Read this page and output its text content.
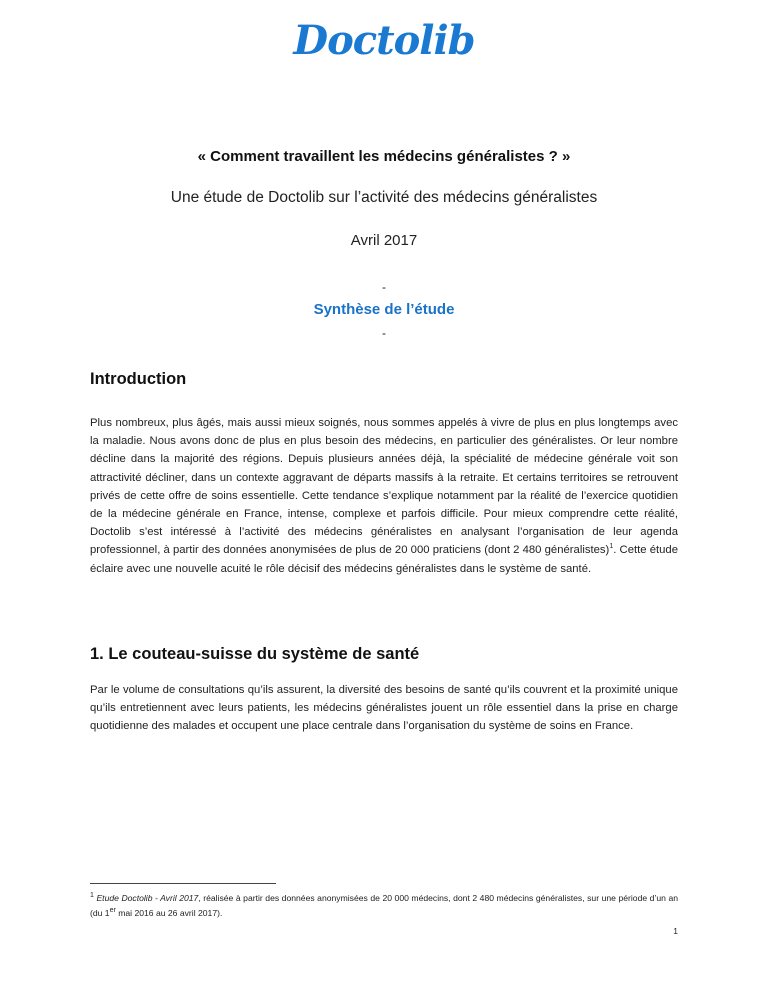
Doctolib
« Comment travaillent les médecins généralistes ? »
Une étude de Doctolib sur l’activité des médecins généralistes
Avril 2017
-
Synthèse de l’étude
-
Introduction

Plus nombreux, plus âgés, mais aussi mieux soignés, nous sommes appelés à vivre de plus en plus longtemps avec la maladie. Nous avons donc de plus en plus besoin des médecins, en particulier des généralistes. Or leur nombre décline dans la majorité des régions. Depuis plusieurs années déjà, la spécialité de médecine générale voit son attractivité décliner, dans un contexte aggravant de départs massifs à la retraite. Et certains territoires se retrouvent privés de cette offre de soins essentielle. Cette tendance s’explique notamment par la réalité de l’exercice quotidien de la médecine générale en France, intense, complexe et parfois difficile. Pour mieux comprendre cette réalité, Doctolib s’est intéressé à l’activité des médecins généralistes en analysant l’organisation de leur agenda professionnel, à partir des données anonymisées de plus de 20 000 praticiens (dont 2 480 généralistes)$^1$. Cette étude éclaire avec une nouvelle acuité le rôle décisif des médecins généralistes dans le système de santé.

1. Le couteau-suisse du système de santé

Par le volume de consultations qu’ils assurent, la diversité des besoins de santé qu’ils couvrent et la proximité unique qu’ils entretiennent avec leurs patients, les médecins généralistes jouent un rôle essentiel dans la prise en charge quotidienne des malades et occupent une place centrale dans l’organisation du système de soins en France.

$^1$ Etude Doctolib - Avril 2017, réalisée à partir des données anonymisées de 20 000 médecins, dont 2 480 médecins généralistes, sur une période d’un an (du 1er mai 2016 au 26 avril 2017).

1
